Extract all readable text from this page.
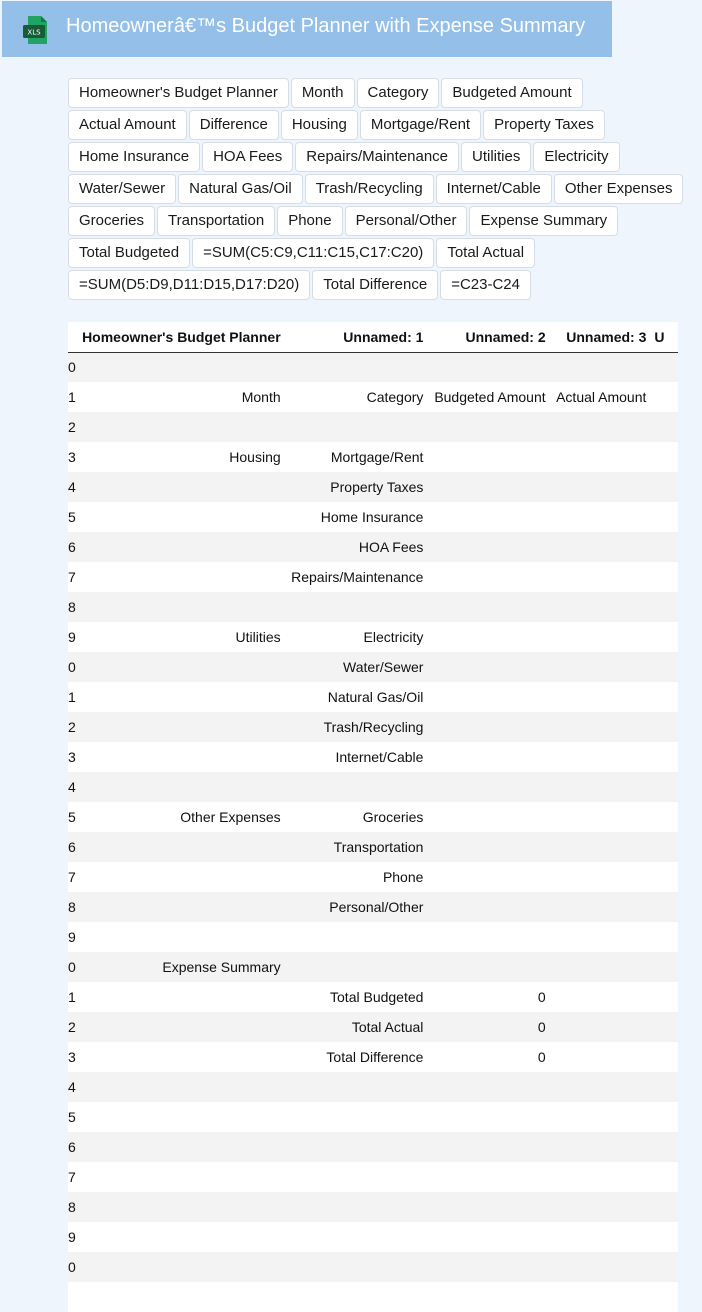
XLS Homeownerâ€™s Budget Planner with Expense Summary
Homeowner's Budget Planner	Month	Category	Budgeted Amount
Actual Amount	Difference	Housing	Mortgage/Rent	Property Taxes
Home Insurance	HOA Fees	Repairs/Maintenance	Utilities	Electricity
Water/Sewer	Natural Gas/Oil	Trash/Recycling	Internet/Cable	Other Expenses
Groceries	Transportation	Phone	Personal/Other	Expense Summary
Total Budgeted	=SUM(C5:C9,C11:C15,C17:C20)	Total Actual
=SUM(D5:D9,D11:D15,D17:D20)	Total Difference	=C23-C24
	Homeowner's Budget Planner	Unnamed: 1	Unnamed: 2	Unnamed: 3	U

0					

1	Month	Category	Budgeted Amount	Actual Amount	

2					

3	Housing	Mortgage/Rent			

4		Property Taxes			

5		Home Insurance			

6		HOA Fees			

7		Repairs/Maintenance			

8					

9	Utilities	Electricity			

0		Water/Sewer			

1		Natural Gas/Oil			

2		Trash/Recycling			

3		Internet/Cable			

4					

5	Other Expenses	Groceries			

6		Transportation			

7		Phone			

8		Personal/Other			

9					

0	Expense Summary				

1		Total Budgeted	0		

2		Total Actual	0		

3		Total Difference	0		

4					

5					

6					

7					

8					

9					

0					
